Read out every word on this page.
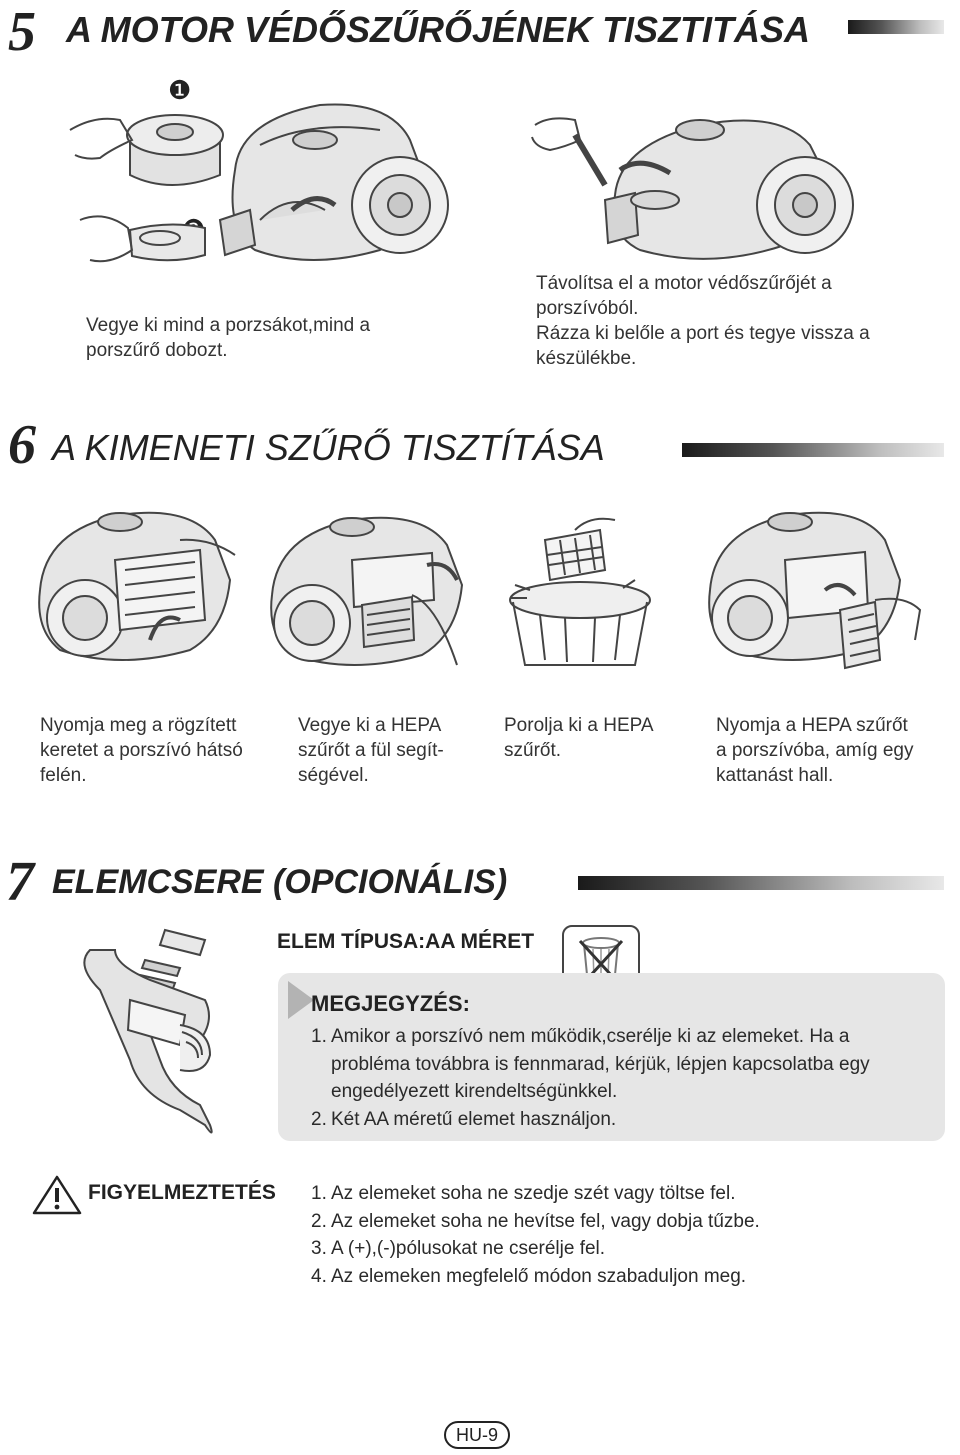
5 A MOTOR VÉDŐSZŰRŐJÉNEK TISZTITÁSA
❶
Vegye ki mind a porzsákot,mind a
porszűrő dobozt.
Távolítsa el a motor védőszűrőjét a
porszívóból.
Rázza ki belőle a port és tegye vissza a
készülékbe.
6 A KIMENETI SZŰRŐ TISZTÍTÁSA
Nyomja meg a rögzített
keretet a porszívó hátsó
felén.
Vegye ki a HEPA
szűrőt a fül segít-
ségével.
Porolja ki a HEPA
szűrőt.
Nyomja a HEPA szűrőt
a porszívóba, amíg egy
kattanást hall.
7 ELEMCSERE (OPCIONÁLIS)
ELEM TÍPUSA:AA MÉRET
MEGJEGYZÉS:
1. Amikor a porszívó nem működik,cserélje ki az elemeket. Ha a
probléma továbbra is fennmarad, kérjük, lépjen kapcsolatba egy
engedélyezett kirendeltségünkkel.
2. Két AA méretű elemet használjon.
FIGYELMEZTETÉS 1. Az elemeket soha ne szedje szét vagy töltse fel.
2. Az elemeket soha ne hevítse fel, vagy dobja tűzbe.
3. A (+),(-)pólusokat ne cserélje fel.
4. Az elemeken megfelelő módon szabaduljon meg.
HU-9
